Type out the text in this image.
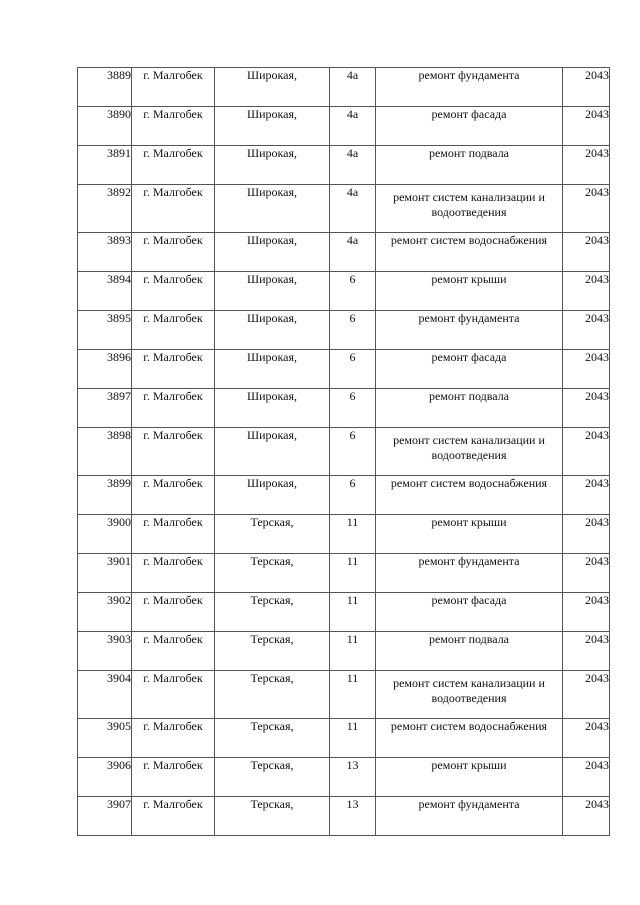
3889	г. Малгобек	Широкая,	4а	ремонт фундамента	2043
3890	г. Малгобек	Широкая,	4а	ремонт фасада	2043
3891	г. Малгобек	Широкая,	4а	ремонт подвала	2043
3892	г. Малгобек	Широкая,	4а	ремонт систем канализации и водоотведения	2043
3893	г. Малгобек	Широкая,	4а	ремонт систем водоснабжения	2043
3894	г. Малгобек	Широкая,	6	ремонт крыши	2043
3895	г. Малгобек	Широкая,	6	ремонт фундамента	2043
3896	г. Малгобек	Широкая,	6	ремонт фасада	2043
3897	г. Малгобек	Широкая,	6	ремонт подвала	2043
3898	г. Малгобек	Широкая,	6	ремонт систем канализации и водоотведения	2043
3899	г. Малгобек	Широкая,	6	ремонт систем водоснабжения	2043
3900	г. Малгобек	Терская,	11	ремонт крыши	2043
3901	г. Малгобек	Терская,	11	ремонт фундамента	2043
3902	г. Малгобек	Терская,	11	ремонт фасада	2043
3903	г. Малгобек	Терская,	11	ремонт подвала	2043
3904	г. Малгобек	Терская,	11	ремонт систем канализации и водоотведения	2043
3905	г. Малгобек	Терская,	11	ремонт систем водоснабжения	2043
3906	г. Малгобек	Терская,	13	ремонт крыши	2043
3907	г. Малгобек	Терская,	13	ремонт фундамента	2043
